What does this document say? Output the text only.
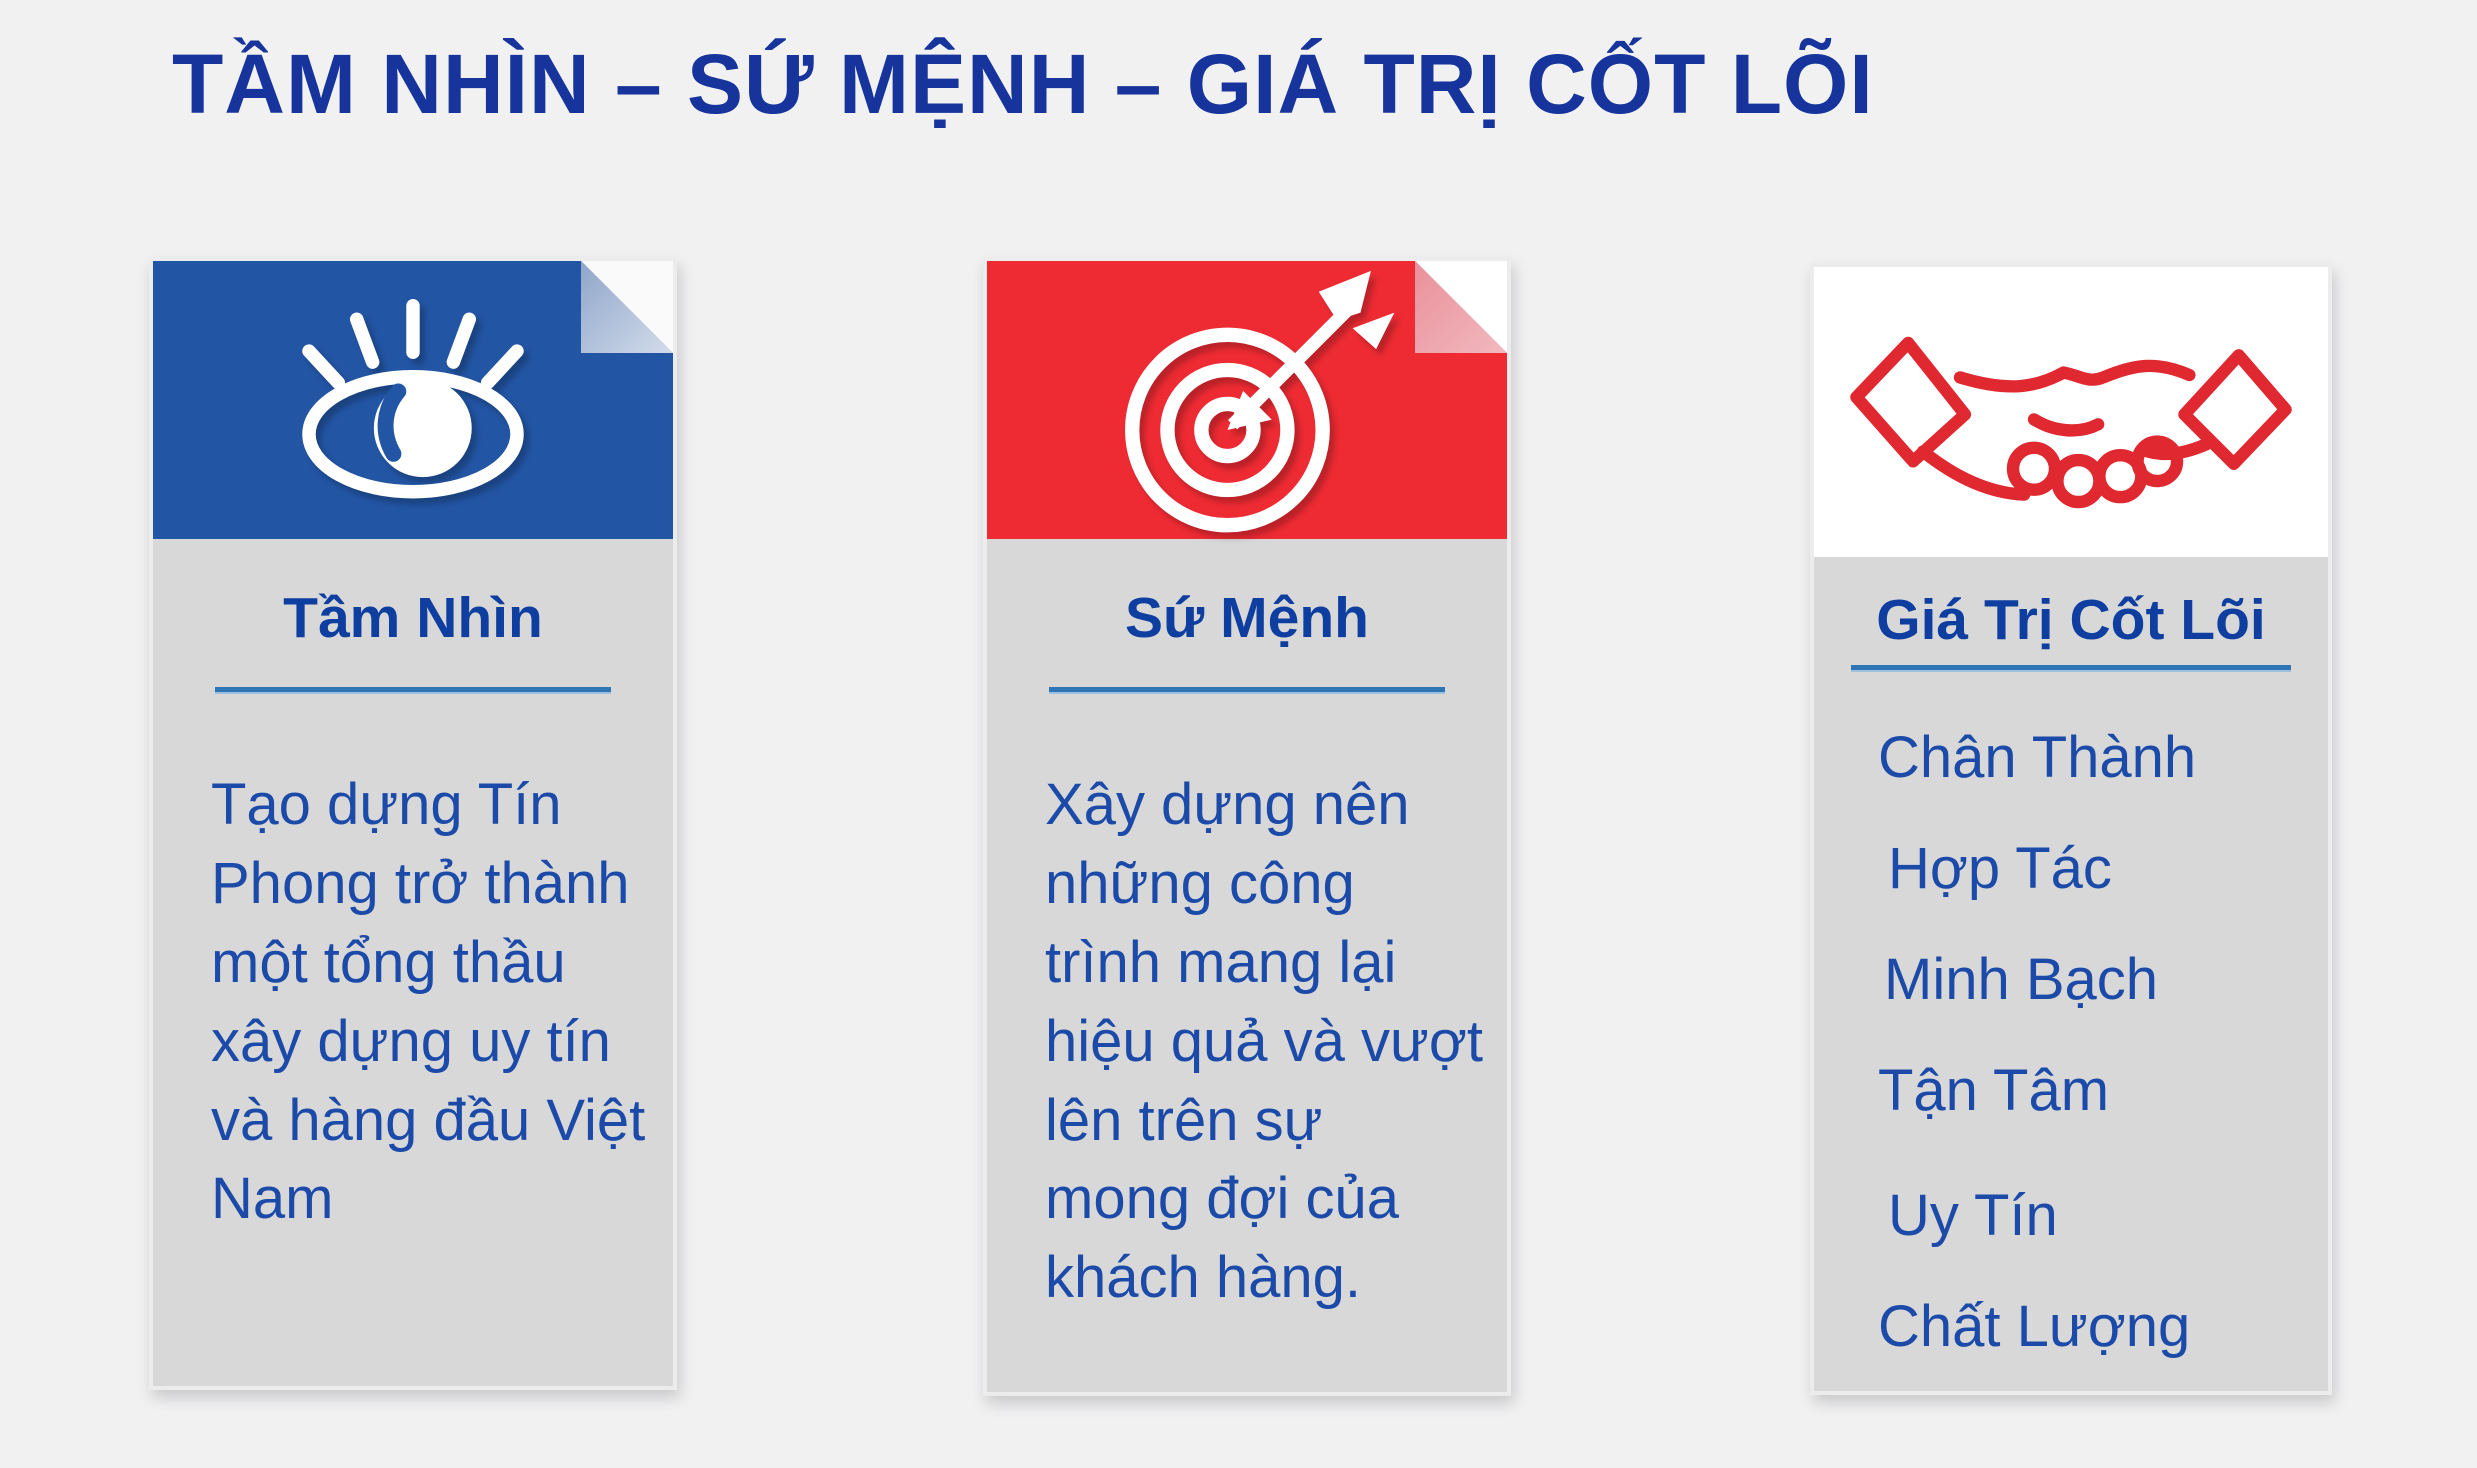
TẦM NHÌN – SỨ MỆNH – GIÁ TRỊ CỐT LÕI
Tầm Nhìn

Tạo dựng Tín Phong trở thành một tổng thầu xây dựng uy tín và hàng đầu Việt Nam

Sứ Mệnh

Xây dựng nên những công trình mang lại hiệu quả và vượt lên trên sự mong đợi của khách hàng.

Giá Trị Cốt Lõi
Chân Thành
Hợp Tác
Minh Bạch
Tận Tâm
Uy Tín
Chất Lượng
